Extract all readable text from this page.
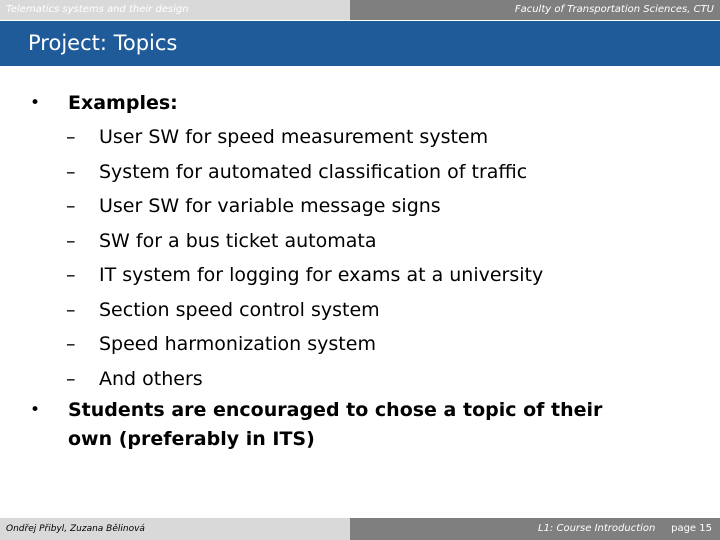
Telematics systems and their design	Faculty of Transportation Sciences, CTU
Project: Topics
• Examples:
– User SW for speed measurement system
– System for automated classification of traffic
– User SW for variable message signs
– SW for a bus ticket automata
– IT system for logging for exams at a university
– Section speed control system
– Speed harmonization system
– And others
• Students are encouraged to chose a topic of their own (preferably in ITS)
Ondřej Přibyl, Zuzana Bělinová	L1: Course Introduction page 15
